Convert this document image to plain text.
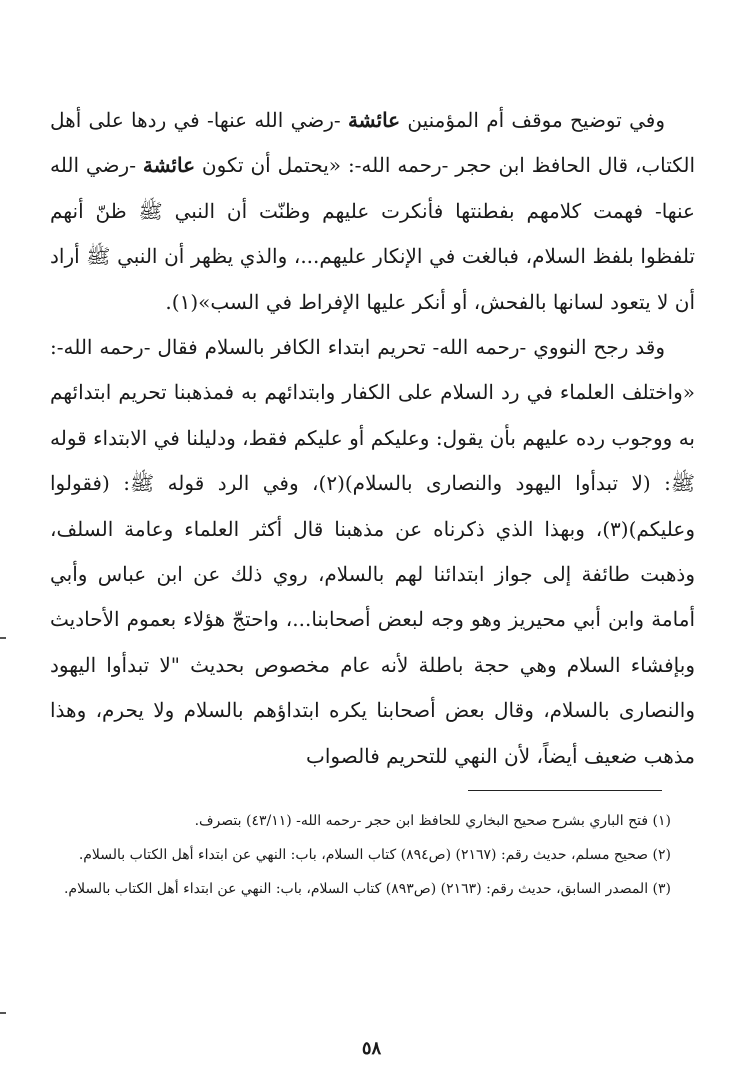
وفي توضيح موقف أم المؤمنين عائشة -رضي الله عنها- في ردها على أهل الكتاب، قال الحافظ ابن حجر -رحمه الله-: «يحتمل أن تكون عائشة -رضي الله عنها- فهمت كلامهم بفطنتها فأنكرت عليهم وظنّت أن النبي ﷺ ظنّ أنهم تلفظوا بلفظ السلام، فبالغت في الإنكار عليهم...، والذي يظهر أن النبي ﷺ أراد أن لا يتعود لسانها بالفحش، أو أنكر عليها الإفراط في السب»(١).

وقد رجح النووي -رحمه الله- تحريم ابتداء الكافر بالسلام فقال -رحمه الله-: «واختلف العلماء في رد السلام على الكفار وابتدائهم به فمذهبنا تحريم ابتدائهم به ووجوب رده عليهم بأن يقول: وعليكم أو عليكم فقط، ودليلنا في الابتداء قوله ﷺ: (لا تبدأوا اليهود والنصارى بالسلام)(٢)، وفي الرد قوله ﷺ: (فقولوا وعليكم)(٣)، وبهذا الذي ذكرناه عن مذهبنا قال أكثر العلماء وعامة السلف، وذهبت طائفة إلى جواز ابتدائنا لهم بالسلام، روي ذلك عن ابن عباس وأبي أمامة وابن أبي محيريز وهو وجه لبعض أصحابنا...، واحتجّ هؤلاء بعموم الأحاديث وبإفشاء السلام وهي حجة باطلة لأنه عام مخصوص بحديث "لا تبدأوا اليهود والنصارى بالسلام، وقال بعض أصحابنا يكره ابتداؤهم بالسلام ولا يحرم، وهذا مذهب ضعيف أيضاً، لأن النهي للتحريم فالصواب

(١) فتح الباري بشرح صحيح البخاري للحافظ ابن حجر -رحمه الله- (٤٣/١١) بتصرف.

(٢) صحيح مسلم، حديث رقم: (٢١٦٧) (ص٨٩٤) كتاب السلام، باب: النهي عن ابتداء أهل الكتاب بالسلام.

(٣) المصدر السابق، حديث رقم: (٢١٦٣) (ص٨٩٣) كتاب السلام، باب: النهي عن ابتداء أهل الكتاب بالسلام.

٥٨
